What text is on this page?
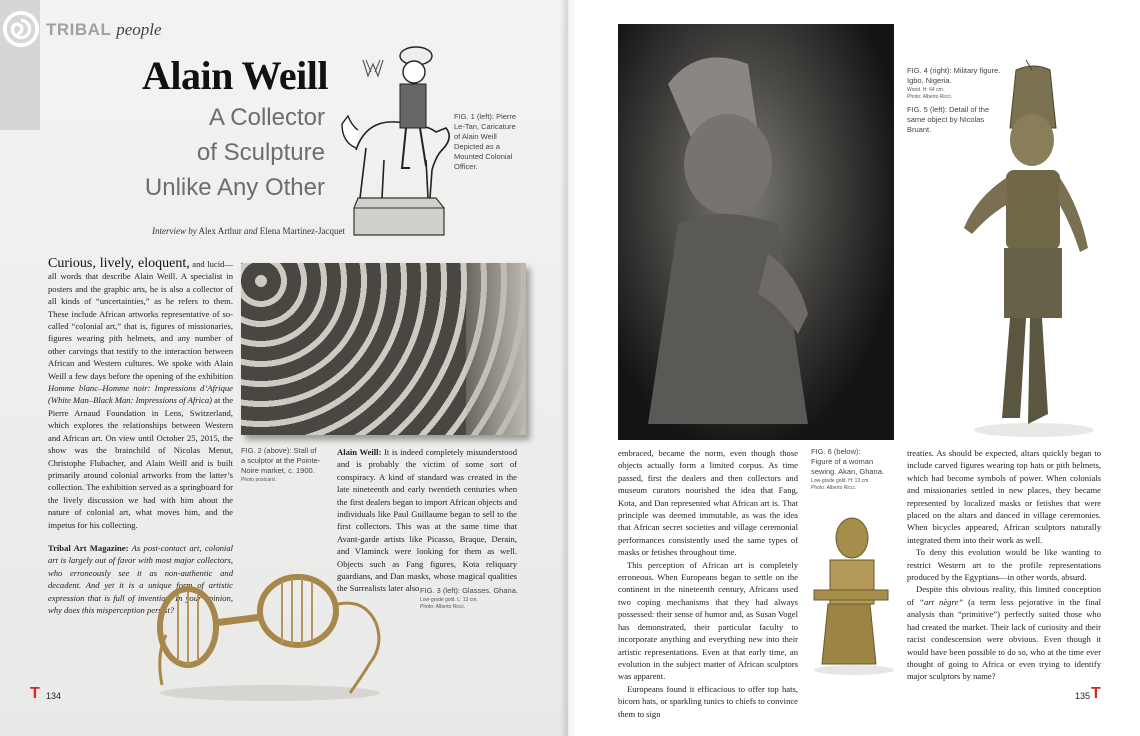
TRIBAL people
Alain Weill
A Collector
of Sculpture
Unlike Any Other
FIG. 1 (left): Pierre Le-Tan, Caricature of Alain Weill Depicted as a Mounted Colonial Officer.
Interview by Alex Arthur and Elena Martínez-Jacquet

Curious, lively, eloquent, and lucid—all words that describe Alain Weill. A specialist in posters and the graphic arts, he is also a collector of all kinds of “uncertainties,” as he refers to them. These include African artworks representative of so-called “colonial art,” that is, figures of missionaries, figures wearing pith helmets, and any number of other carvings that testify to the interaction between African and Western cultures. We spoke with Alain Weill a few days before the opening of the exhibition Homme blanc–Homme noir: Impressions d’Afrique (White Man–Black Man: Impressions of Africa) at the Pierre Arnaud Foundation in Lens, Switzerland, which explores the relationships between Western and African art. On view until October 25, 2015, the show was the brainchild of Nicolas Menut, Christophe Flubacher, and Alain Weill and is built primarily around colonial artworks from the latter’s collection. The exhibition served as a springboard for the lively discussion we had with him about the nature of colonial art, what moves him, and the impetus for his collecting.

Tribal Art Magazine: As post-contact art, colonial art is largely out of favor with most major collectors, who erroneously see it as non-authentic and decadent. And yet it is a unique form of artistic expression that is full of invention. In your opinion, why does this misperception persist?

FIG. 2 (above): Stall of a sculptor at the Pointe-Noire market, c. 1900.
Photo postcard.

Alain Weill: It is indeed completely misunderstood and is probably the victim of some sort of conspiracy. A kind of standard was created in the late nineteenth and early twentieth centuries when the first dealers began to import African objects and individuals like Paul Guillaume began to sell to the first collectors. This was at the same time that Avant-garde artists like Picasso, Braque, Derain, and Vlaminck were looking for them as well. Objects such as Fang figures, Kota reliquary guardians, and Dan masks, whose magical qualities the Surrealists later also FIG. 3 (left): Glasses. Ghana.
Low-grade gold. L: 13 cm.
Photo: Alberto Ricci.
T 134
FIG. 4 (right): Military figure. Igbo, Nigeria.
Wood. H: 64 cm.
Photo: Alberto Ricci.
FIG. 5 (left): Detail of the same object by Nicolas Bruant.

embraced, became the norm, even though those objects actually form a limited corpus. As time passed, first the dealers and then collectors and museum curators nourished the idea that Fang, Kota, and Dan represented what African art is. That principle was deemed immutable, as was the idea that African secret societies and village ceremonial performances consistently used the same types of masks or fetishes throughout time.

This perception of African art is completely erroneous. When Europeans began to settle on the continent in the nineteenth century, Africans used two coping mechanisms that they had always possessed: their sense of humor and, as Susan Vogel has demonstrated, their particular faculty to incorporate anything and everything new into their artistic representations. Even at that early time, an evolution in the subject matter of African sculptors was apparent.

Europeans found it efficacious to offer top hats, bicorn hats, or sparkling tunics to chiefs to convince them to sign

FIG. 6 (below):
Figure of a woman sewing. Akan, Ghana.
Low-grade gold. H: 13 cm.
Photo: Alberto Ricci.

treaties. As should be expected, altars quickly began to include carved figures wearing top hats or pith helmets, which had become symbols of power. When colonials and missionaries settled in new places, they became represented by localized masks or fetishes that were placed on the altars and danced in village ceremonies. When bicycles appeared, African sculptors naturally integrated them into their work as well.

To deny this evolution would be like wanting to restrict Western art to the profile representations produced by the Egyptians—in other words, absurd.

Despite this obvious reality, this limited conception of “art nègre” (a term less pejorative in the final analysis than “primitive”) perfectly suited those who had created the market. Their lack of curiosity and their racist condescension were obvious. Even though it would have been possible to do so, who at the time ever thought of going to Africa or even trying to identify major sculptors by name?

135 T
